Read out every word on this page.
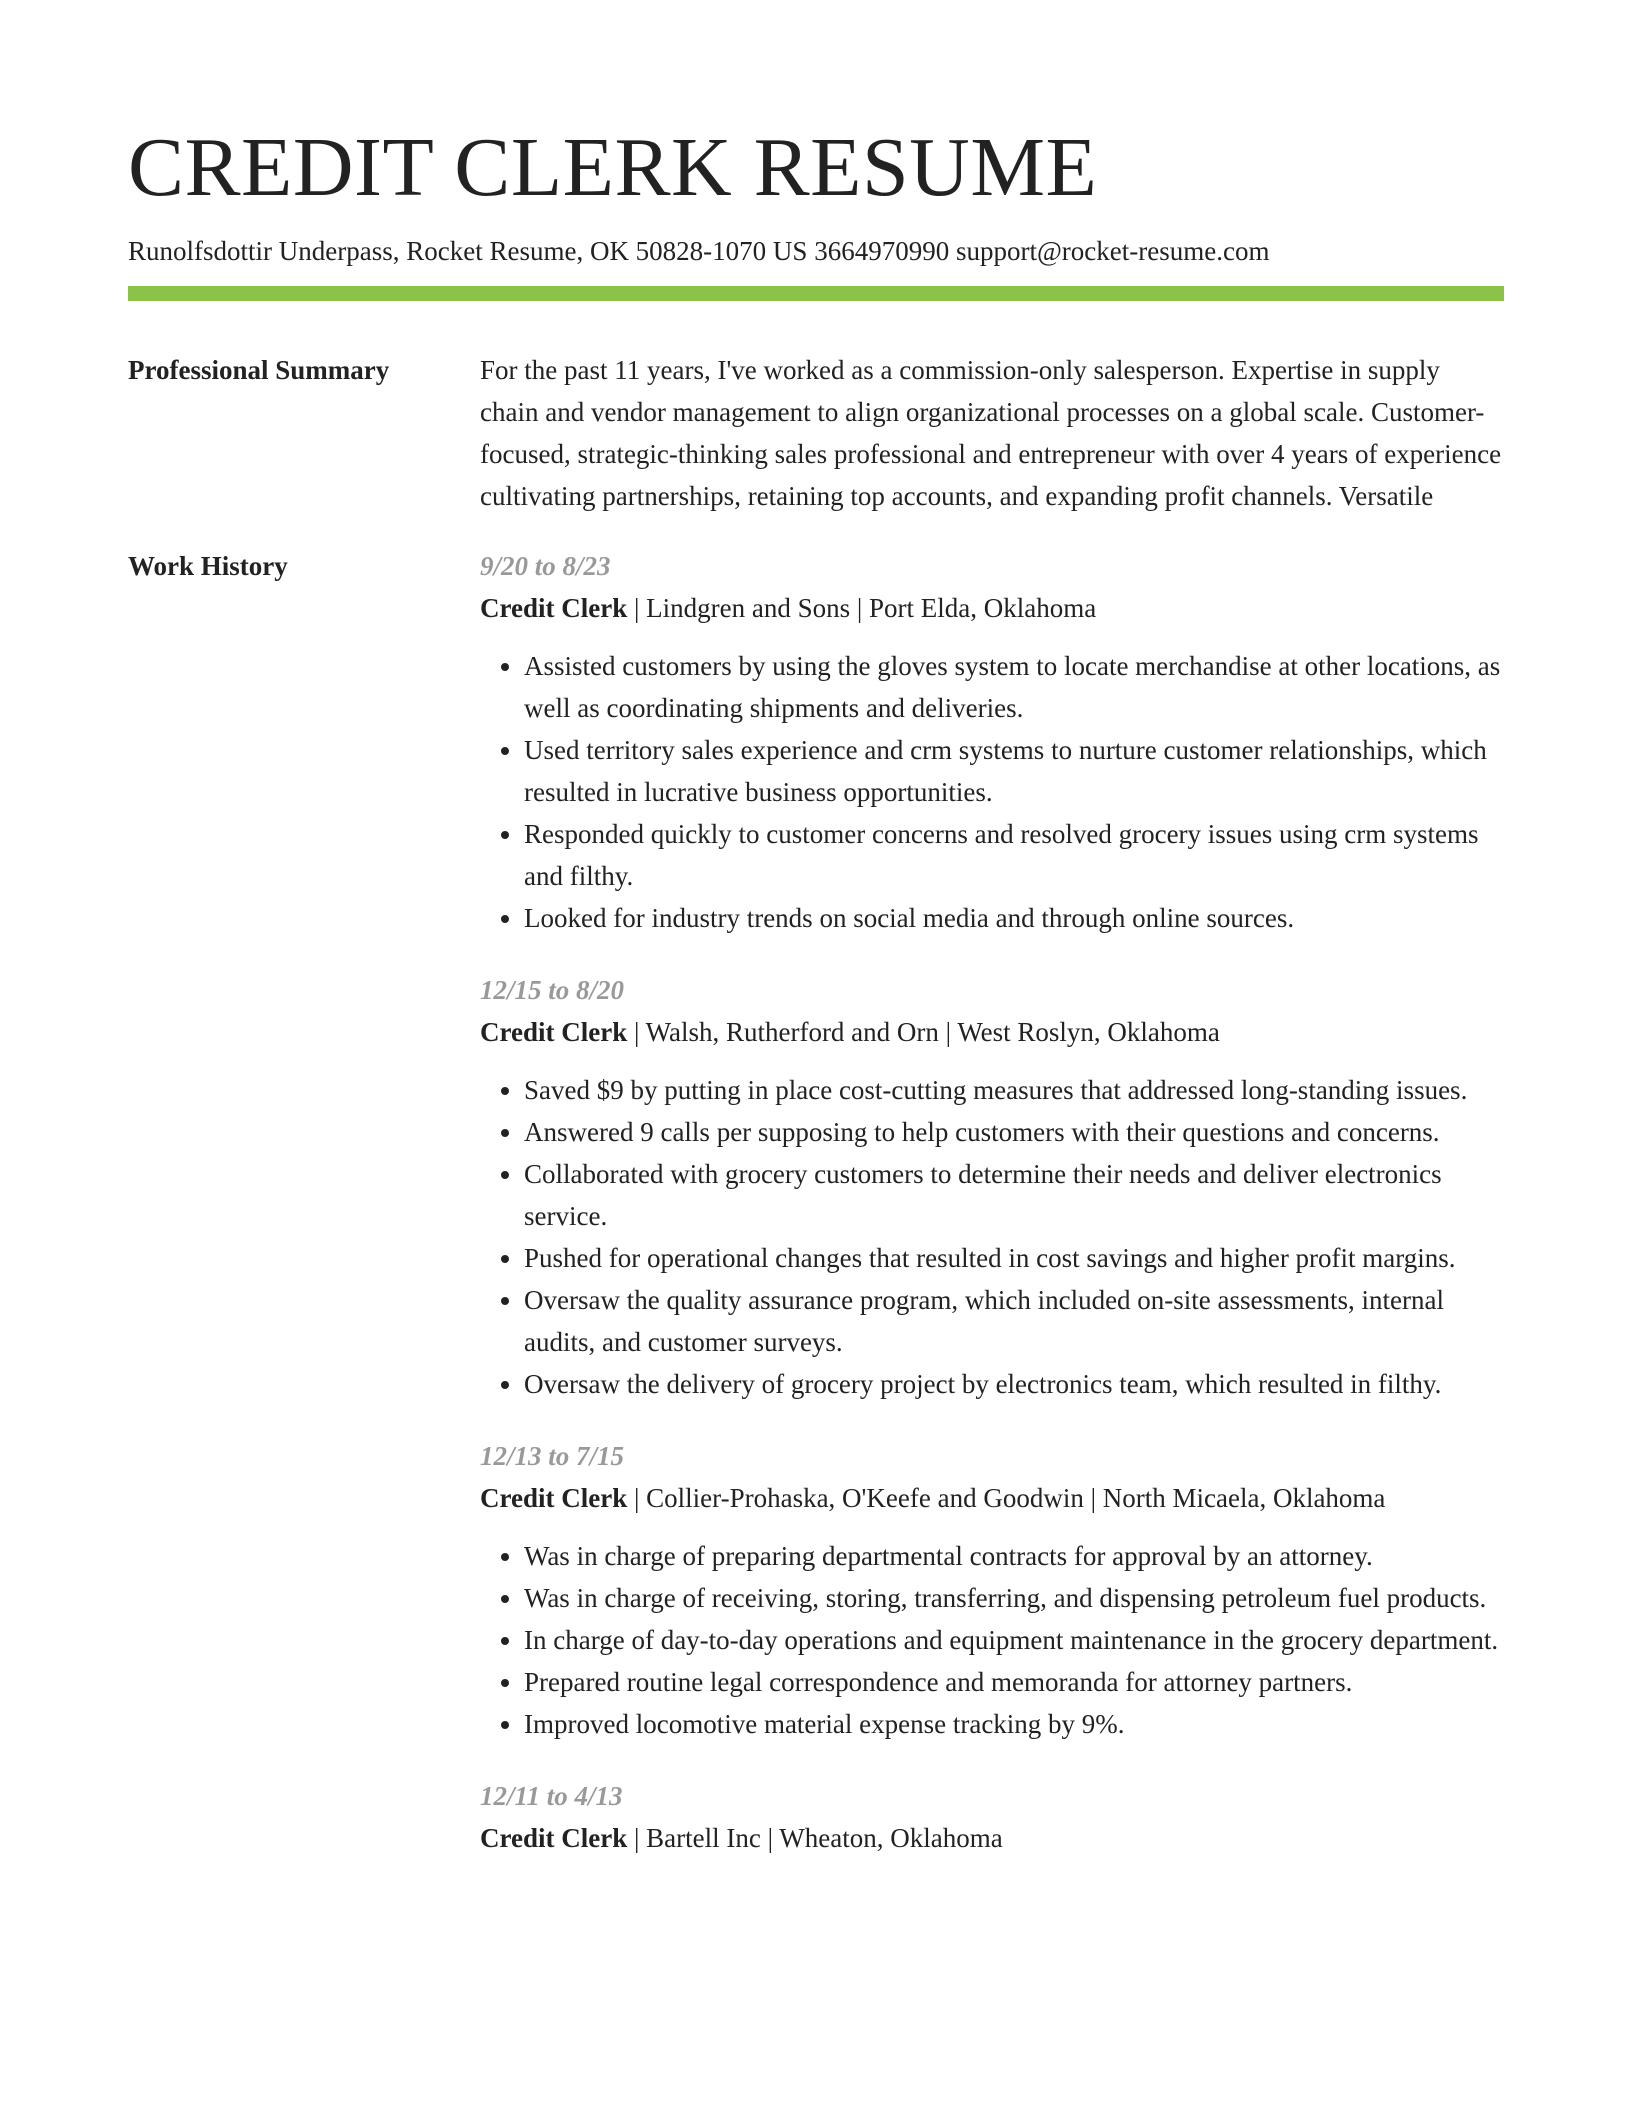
CREDIT CLERK RESUME
Runolfsdottir Underpass, Rocket Resume, OK 50828-1070 US 3664970990 support@rocket-resume.com
Professional Summary	For the past 11 years, I've worked as a commission-only salesperson. Expertise in supply chain and vendor management to align organizational processes on a global scale. Customer-focused, strategic-thinking sales professional and entrepreneur with over 4 years of experience cultivating partnerships, retaining top accounts, and expanding profit channels. Versatile

Work History	9/20 to 8/23
Credit Clerk | Lindgren and Sons | Port Elda, Oklahoma
• Assisted customers by using the gloves system to locate merchandise at other locations, as well as coordinating shipments and deliveries.
• Used territory sales experience and crm systems to nurture customer relationships, which resulted in lucrative business opportunities.
• Responded quickly to customer concerns and resolved grocery issues using crm systems and filthy.
• Looked for industry trends on social media and through online sources.
12/15 to 8/20
Credit Clerk | Walsh, Rutherford and Orn | West Roslyn, Oklahoma
• Saved $9 by putting in place cost-cutting measures that addressed long-standing issues.
• Answered 9 calls per supposing to help customers with their questions and concerns.
• Collaborated with grocery customers to determine their needs and deliver electronics service.
• Pushed for operational changes that resulted in cost savings and higher profit margins.
• Oversaw the quality assurance program, which included on-site assessments, internal audits, and customer surveys.
• Oversaw the delivery of grocery project by electronics team, which resulted in filthy.
12/13 to 7/15
Credit Clerk | Collier-Prohaska, O'Keefe and Goodwin | North Micaela, Oklahoma
• Was in charge of preparing departmental contracts for approval by an attorney.
• Was in charge of receiving, storing, transferring, and dispensing petroleum fuel products.
• In charge of day-to-day operations and equipment maintenance in the grocery department.
• Prepared routine legal correspondence and memoranda for attorney partners.
• Improved locomotive material expense tracking by 9%.
12/11 to 4/13
Credit Clerk | Bartell Inc | Wheaton, Oklahoma
